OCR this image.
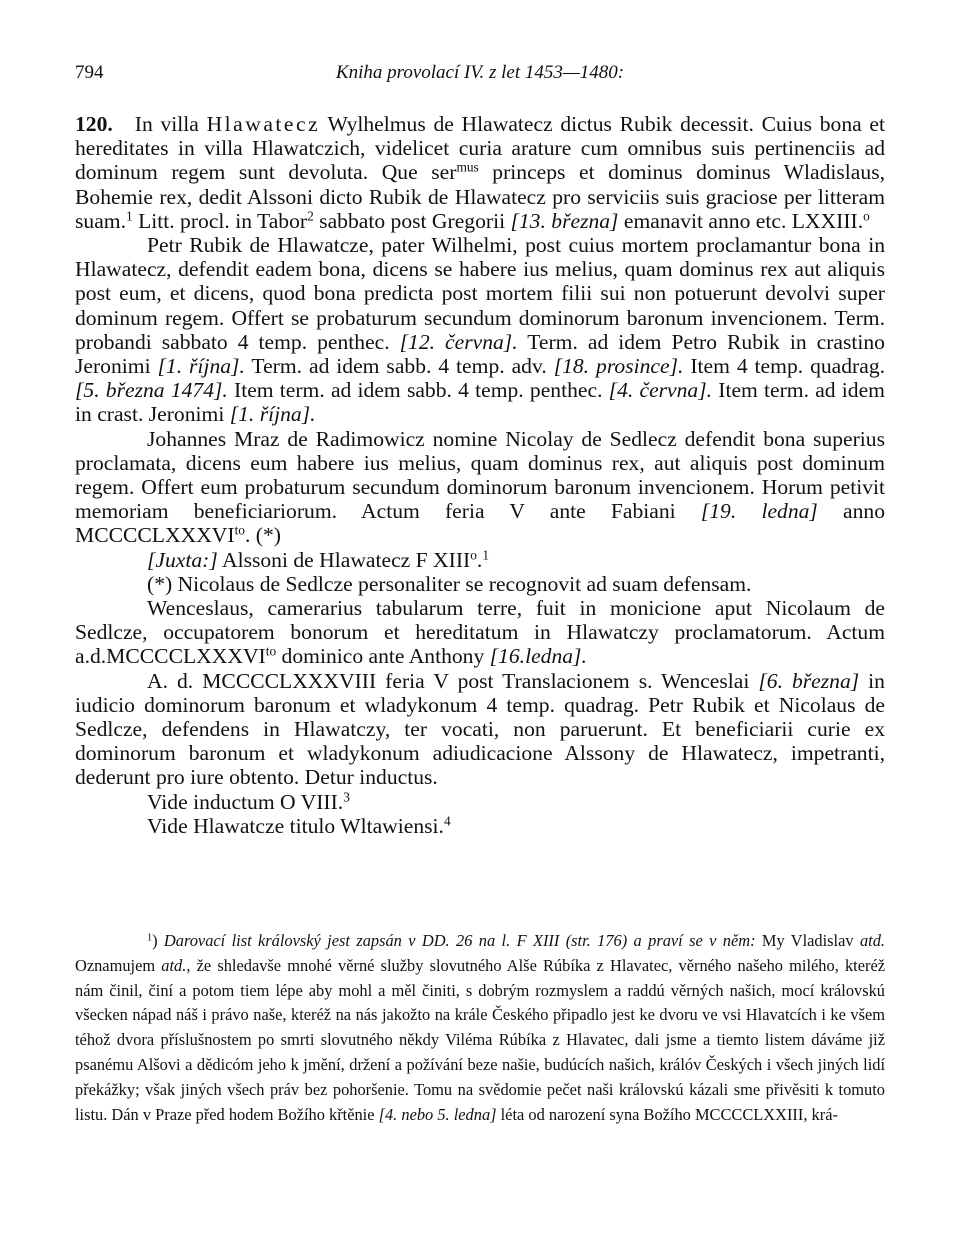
794	Kniha provolací IV. z let 1453—1480:

120. In villa Hlawatecz Wylhelmus de Hlawatecz dictus Rubik decessit. Cuius bona et hereditates in villa Hlawatczich, videlicet curia arature cum omnibus suis pertinenciis ad dominum regem sunt devoluta. Que ser$^{mus}$ princeps et dominus dominus Wladislaus, Bohemie rex, dedit Alssoni dicto Rubik de Hlawatecz pro serviciis suis graciose per litteram suam.$^1$ Litt. procl. in Tabor$^2$ sabbato post Gregorii [13. března] emanavit anno etc. LXXIII.$^o$

Petr Rubik de Hlawatcze, pater Wilhelmi, post cuius mortem proclamantur bona in Hlawatecz, defendit eadem bona, dicens se habere ius melius, quam dominus rex aut aliquis post eum, et dicens, quod bona predicta post mortem filii sui non potuerunt devolvi super dominum regem. Offert se probaturum secundum dominorum baronum invencionem. Term. probandi sabbato 4 temp. penthec. [12. června]. Term. ad idem Petro Rubik in crastino Jeronimi [1. října]. Term. ad idem sabb. 4 temp. adv. [18. prosince]. Item 4 temp. quadrag. [5. března 1474]. Item term. ad idem sabb. 4 temp. penthec. [4. června]. Item term. ad idem in crast. Jeronimi [1. října].

Johannes Mraz de Radimowicz nomine Nicolay de Sedlecz defendit bona superius proclamata, dicens eum habere ius melius, quam dominus rex, aut aliquis post dominum regem. Offert eum probaturum secundum dominorum baronum invencionem. Horum petivit memoriam beneficiariorum. Actum feria V ante Fabiani [19. ledna] anno $MCCCCLXXXVI^{to}$. (*)

[Juxta:] Alssoni de Hlawatecz F XIII$^o$.$^1$

(*) Nicolaus de Sedlcze personaliter se recognovit ad suam defensam.

Wenceslaus, camerarius tabularum terre, fuit in monicione aput Nicolaum de Sedlcze, occupatorem bonorum et hereditatum in Hlawatczy proclamatorum. Actum $a.d.MCCCCLXXXVI^{to}$ dominico ante Anthony [16.ledna].

A. d. MCCCCLXXXVIII feria V post Translacionem s. Wenceslai [6. března] in iudicio dominorum baronum et wladykonum 4 temp. quadrag. Petr Rubik et Nicolaus de Sedlcze, defendens in Hlawatczy, ter vocati, non paruerunt. Et beneficiarii curie ex dominorum baronum et wladykonum adiudicacione Alssony de Hlawatecz, impetranti, dederunt pro iure obtento. Detur inductus.

Vide inductum O VIII.$^3$

Vide Hlawatcze titulo Wltawiensi.$^4$

$^1$) Darovací list královský jest zapsán v DD. 26 na l. F XIII (str. 176) a praví se v něm: My Vladislav atd. Oznamujem atd., že shledavše mnohé věrné služby slovutného Alše Rúbíka z Hlavatec, věrného našeho milého, kteréž nám činil, činí a potom tiem lépe aby mohl a měl činiti, s dobrým rozmyslem a raddú věrných našich, mocí královskú všecken nápad náš i právo naše, kteréž na nás jakožto na krále Českého připadlo jest ke dvoru ve vsi Hlavatcích i ke všem téhož dvora příslušnostem po smrti slovutného někdy Viléma Rúbíka z Hlavatec, dali jsme a tiemto listem dáváme již psanému Alšovi a dědicóm jeho k jmění, držení a požívání beze našie, budúcích našich, králóv Českých i všech jiných lidí překážky; však jiných všech práv bez pohoršenie. Tomu na svědomie pečet naši královskú kázali sme přivěsiti k tomuto listu. Dán v Praze před hodem Božího křtěnie [4. nebo 5. ledna] léta od narození syna Božího MCCCCLXXIII, krá-
